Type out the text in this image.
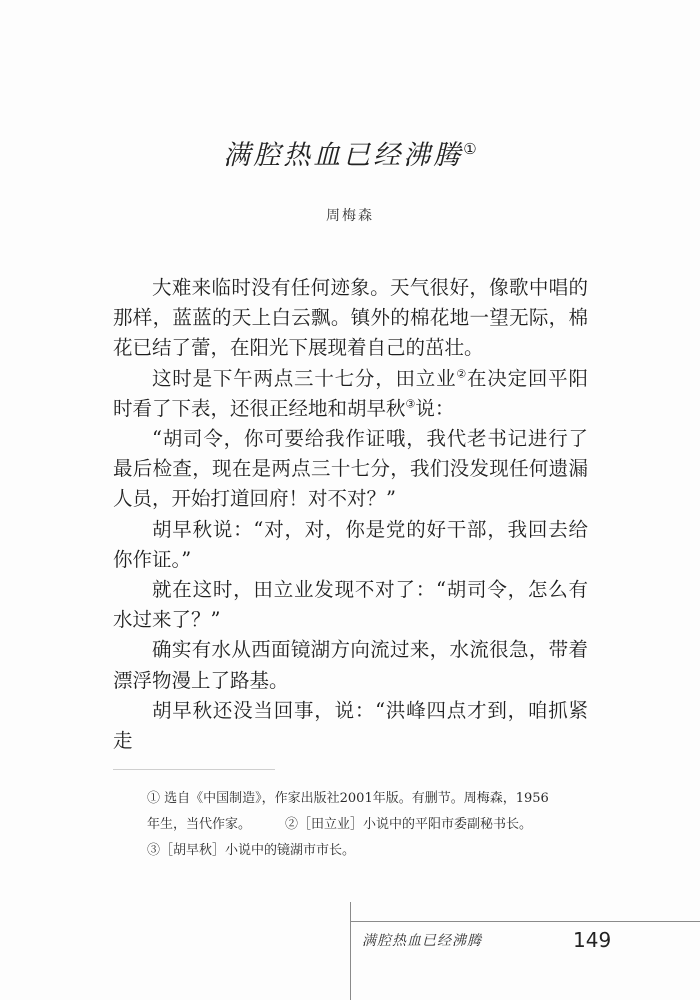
满腔热血已经沸腾①
周梅森

大难来临时没有任何迹象。天气很好，像歌中唱的那样，蓝蓝的天上白云飘。镇外的棉花地一望无际，棉花已结了蕾，在阳光下展现着自己的茁壮。

这时是下午两点三十七分，田立业②在决定回平阳时看了下表，还很正经地和胡早秋③说：

“胡司令，你可要给我作证哦，我代老书记进行了最后检查，现在是两点三十七分，我们没发现任何遗漏人员，开始打道回府！对不对？”

胡早秋说：“对，对，你是党的好干部，我回去给你作证。”

就在这时，田立业发现不对了：“胡司令，怎么有水过来了？”

确实有水从西面镜湖方向流过来，水流很急，带着漂浮物漫上了路基。

胡早秋还没当回事，说：“洪峰四点才到，咱抓紧走

① 选自《中国制造》，作家出版社2001年版。有删节。周梅森，1956
年生，当代作家。	②［田立业］小说中的平阳市委副秘书长。
③［胡早秋］小说中的镜湖市市长。
满腔热血已经沸腾	149
